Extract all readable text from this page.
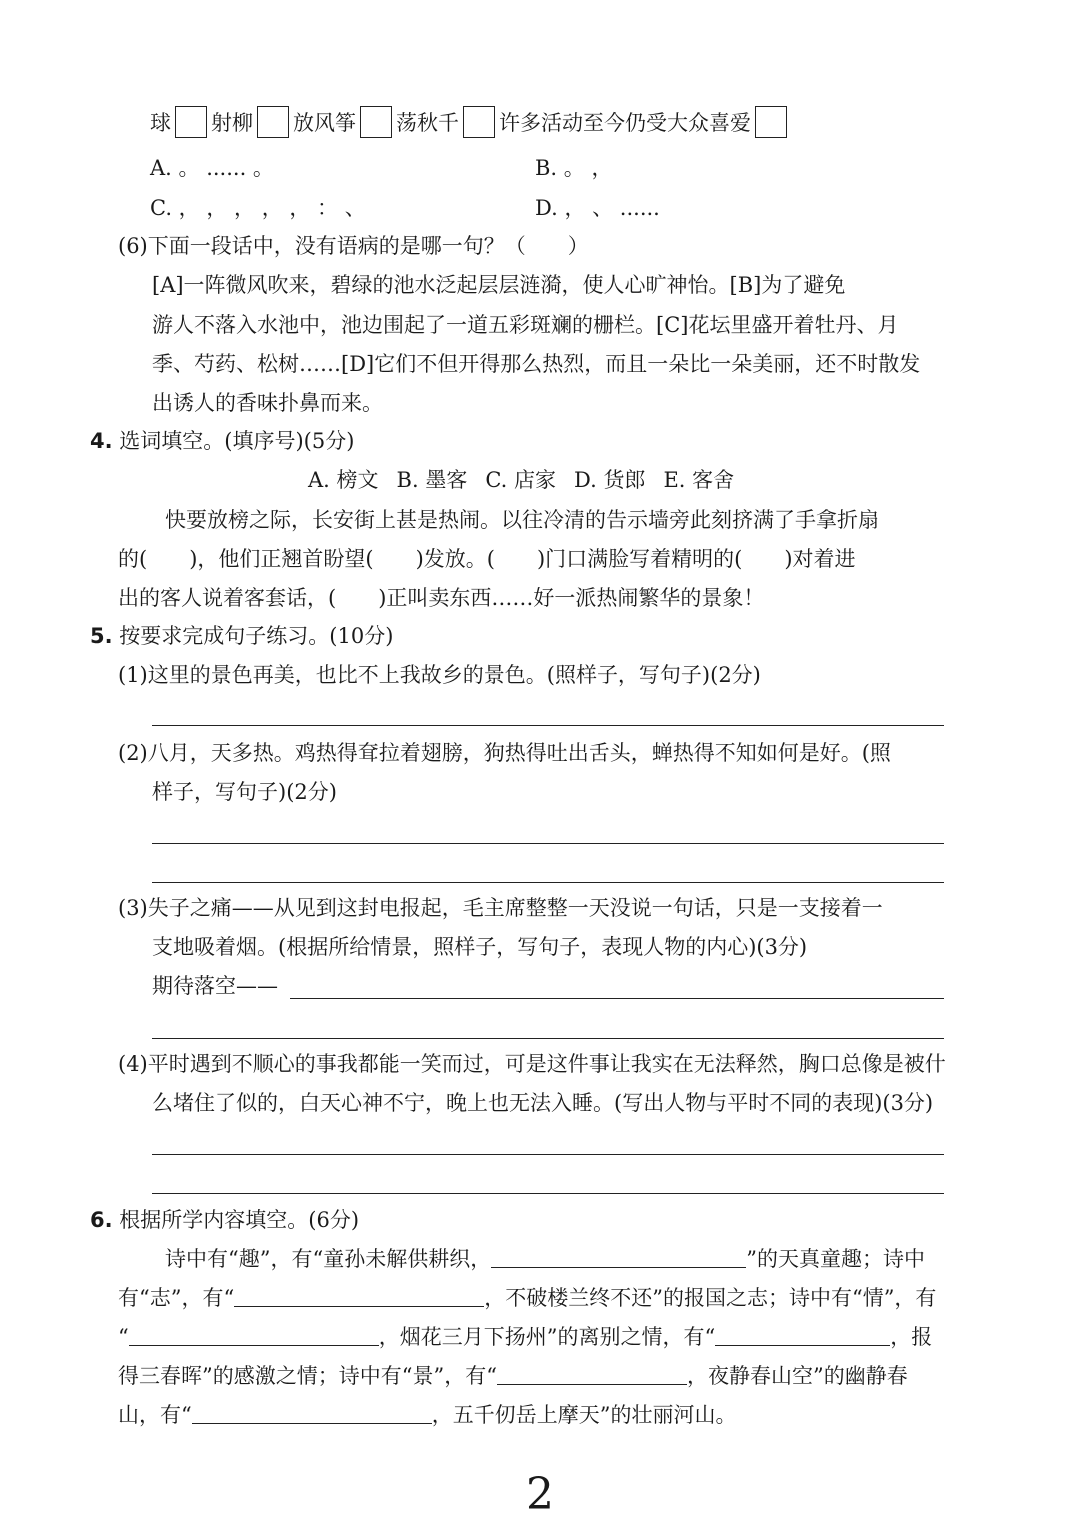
球 射柳 放风筝 荡秋千 许多活动至今仍受大众喜爱
A. 。 ...... 。	B. 。 ，
C. ， ， ， ， ， ： 、	D. ， 、 ......
(6)下面一段话中，没有语病的是哪一句？（　　）
[A]一阵微风吹来，碧绿的池水泛起层层涟漪，使人心旷神怡。[B]为了避免
游人不落入水池中，池边围起了一道五彩斑斓的栅栏。[C]花坛里盛开着牡丹、月
季、芍药、松树……[D]它们不但开得那么热烈，而且一朵比一朵美丽，还不时散发
出诱人的香味扑鼻而来。
4. 选词填空。(填序号)(5分)
A. 榜文 B. 墨客 C. 店家 D. 货郎 E. 客舍
快要放榜之际，长安街上甚是热闹。以往冷清的告示墙旁此刻挤满了手拿折扇
的(　　)，他们正翘首盼望(　　)发放。(　　)门口满脸写着精明的(　　)对着进
出的客人说着客套话，(　　)正叫卖东西……好一派热闹繁华的景象！
5. 按要求完成句子练习。(10分)
(1)这里的景色再美，也比不上我故乡的景色。(照样子，写句子)(2分)
(2)八月，天多热。鸡热得耷拉着翅膀，狗热得吐出舌头，蝉热得不知如何是好。(照
样子，写句子)(2分)
(3)失子之痛——从见到这封电报起，毛主席整整一天没说一句话，只是一支接着一
支地吸着烟。(根据所给情景，照样子，写句子，表现人物的内心)(3分)
期待落空——
(4)平时遇到不顺心的事我都能一笑而过，可是这件事让我实在无法释然，胸口总像是被什
么堵住了似的，白天心神不宁，晚上也无法入睡。(写出人物与平时不同的表现)(3分)
6. 根据所学内容填空。(6分)
诗中有“趣”，有“童孙未解供耕织，	”的天真童趣；诗中
有“志”，有“	，不破楼兰终不还”的报国之志；诗中有“情”，有
“	，烟花三月下扬州”的离别之情，有“	，报
得三春晖”的感激之情；诗中有“景”，有“	，夜静春山空”的幽静春
山，有“	，五千仞岳上摩天”的壮丽河山。
2
